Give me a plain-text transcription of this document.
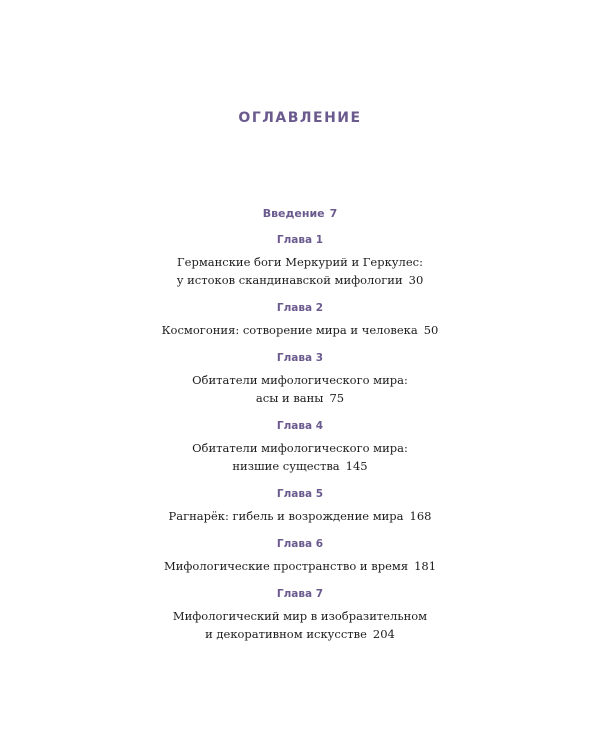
ОГЛАВЛЕНИЕ
Введение 7
Глава 1
Германские боги Меркурий и Геркулес:
у истоков скандинавской мифологии 30
Глава 2
Космогония: сотворение мира и человека 50
Глава 3
Обитатели мифологического мира:
асы и ваны 75
Глава 4
Обитатели мифологического мира:
низшие существа 145
Глава 5
Рагнарёк: гибель и возрождение мира 168
Глава 6
Мифологические пространство и время 181
Глава 7
Мифологический мир в изобразительном
и декоративном искусстве 204
